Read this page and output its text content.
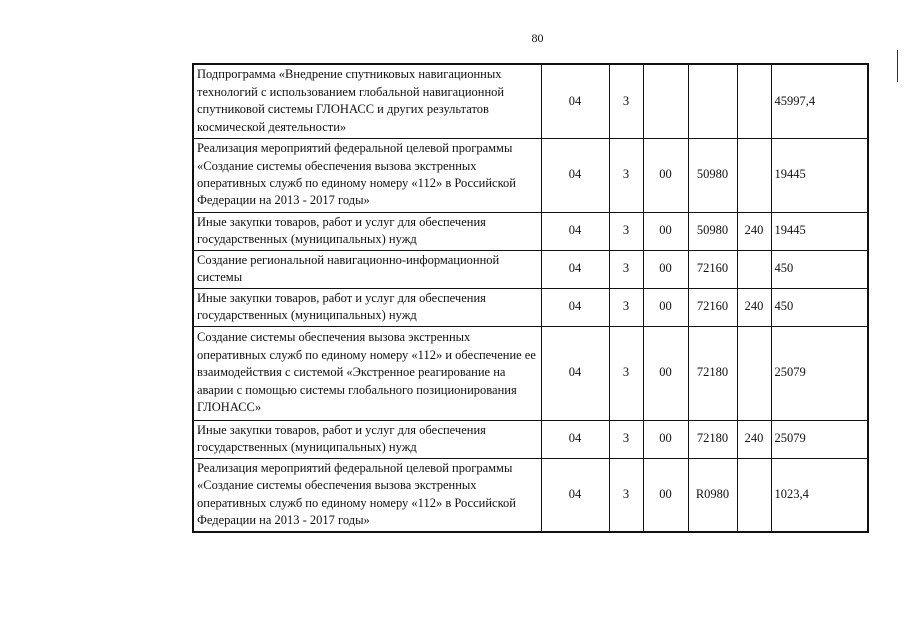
80
Подпрограмма «Внедрение спутниковых навигационных технологий с использованием глобальной навигационной спутниковой системы ГЛОНАСС и других результатов космической деятельности»	04	3				45997,4
Реализация мероприятий федеральной целевой программы «Создание системы обеспечения вызова экстренных оперативных служб по единому номеру «112» в Российской Федерации на 2013 - 2017 годы»	04	3	00	50980		19445
Иные закупки товаров, работ и услуг для обеспечения государственных (муниципальных) нужд	04	3	00	50980	240	19445
Создание региональной навигационно-информационной системы	04	3	00	72160		450
Иные закупки товаров, работ и услуг для обеспечения государственных (муниципальных) нужд	04	3	00	72160	240	450
Создание системы обеспечения вызова экстренных оперативных служб по единому номеру «112» и обеспечение ее взаимодействия с системой «Экстренное реагирование на аварии с помощью системы глобального позиционирования ГЛОНАСС»	04	3	00	72180		25079
Иные закупки товаров, работ и услуг для обеспечения государственных (муниципальных) нужд	04	3	00	72180	240	25079
Реализация мероприятий федеральной целевой программы «Создание системы обеспечения вызова экстренных оперативных служб по единому номеру «112» в Российской Федерации на 2013 - 2017 годы»	04	3	00	R0980		1023,4
